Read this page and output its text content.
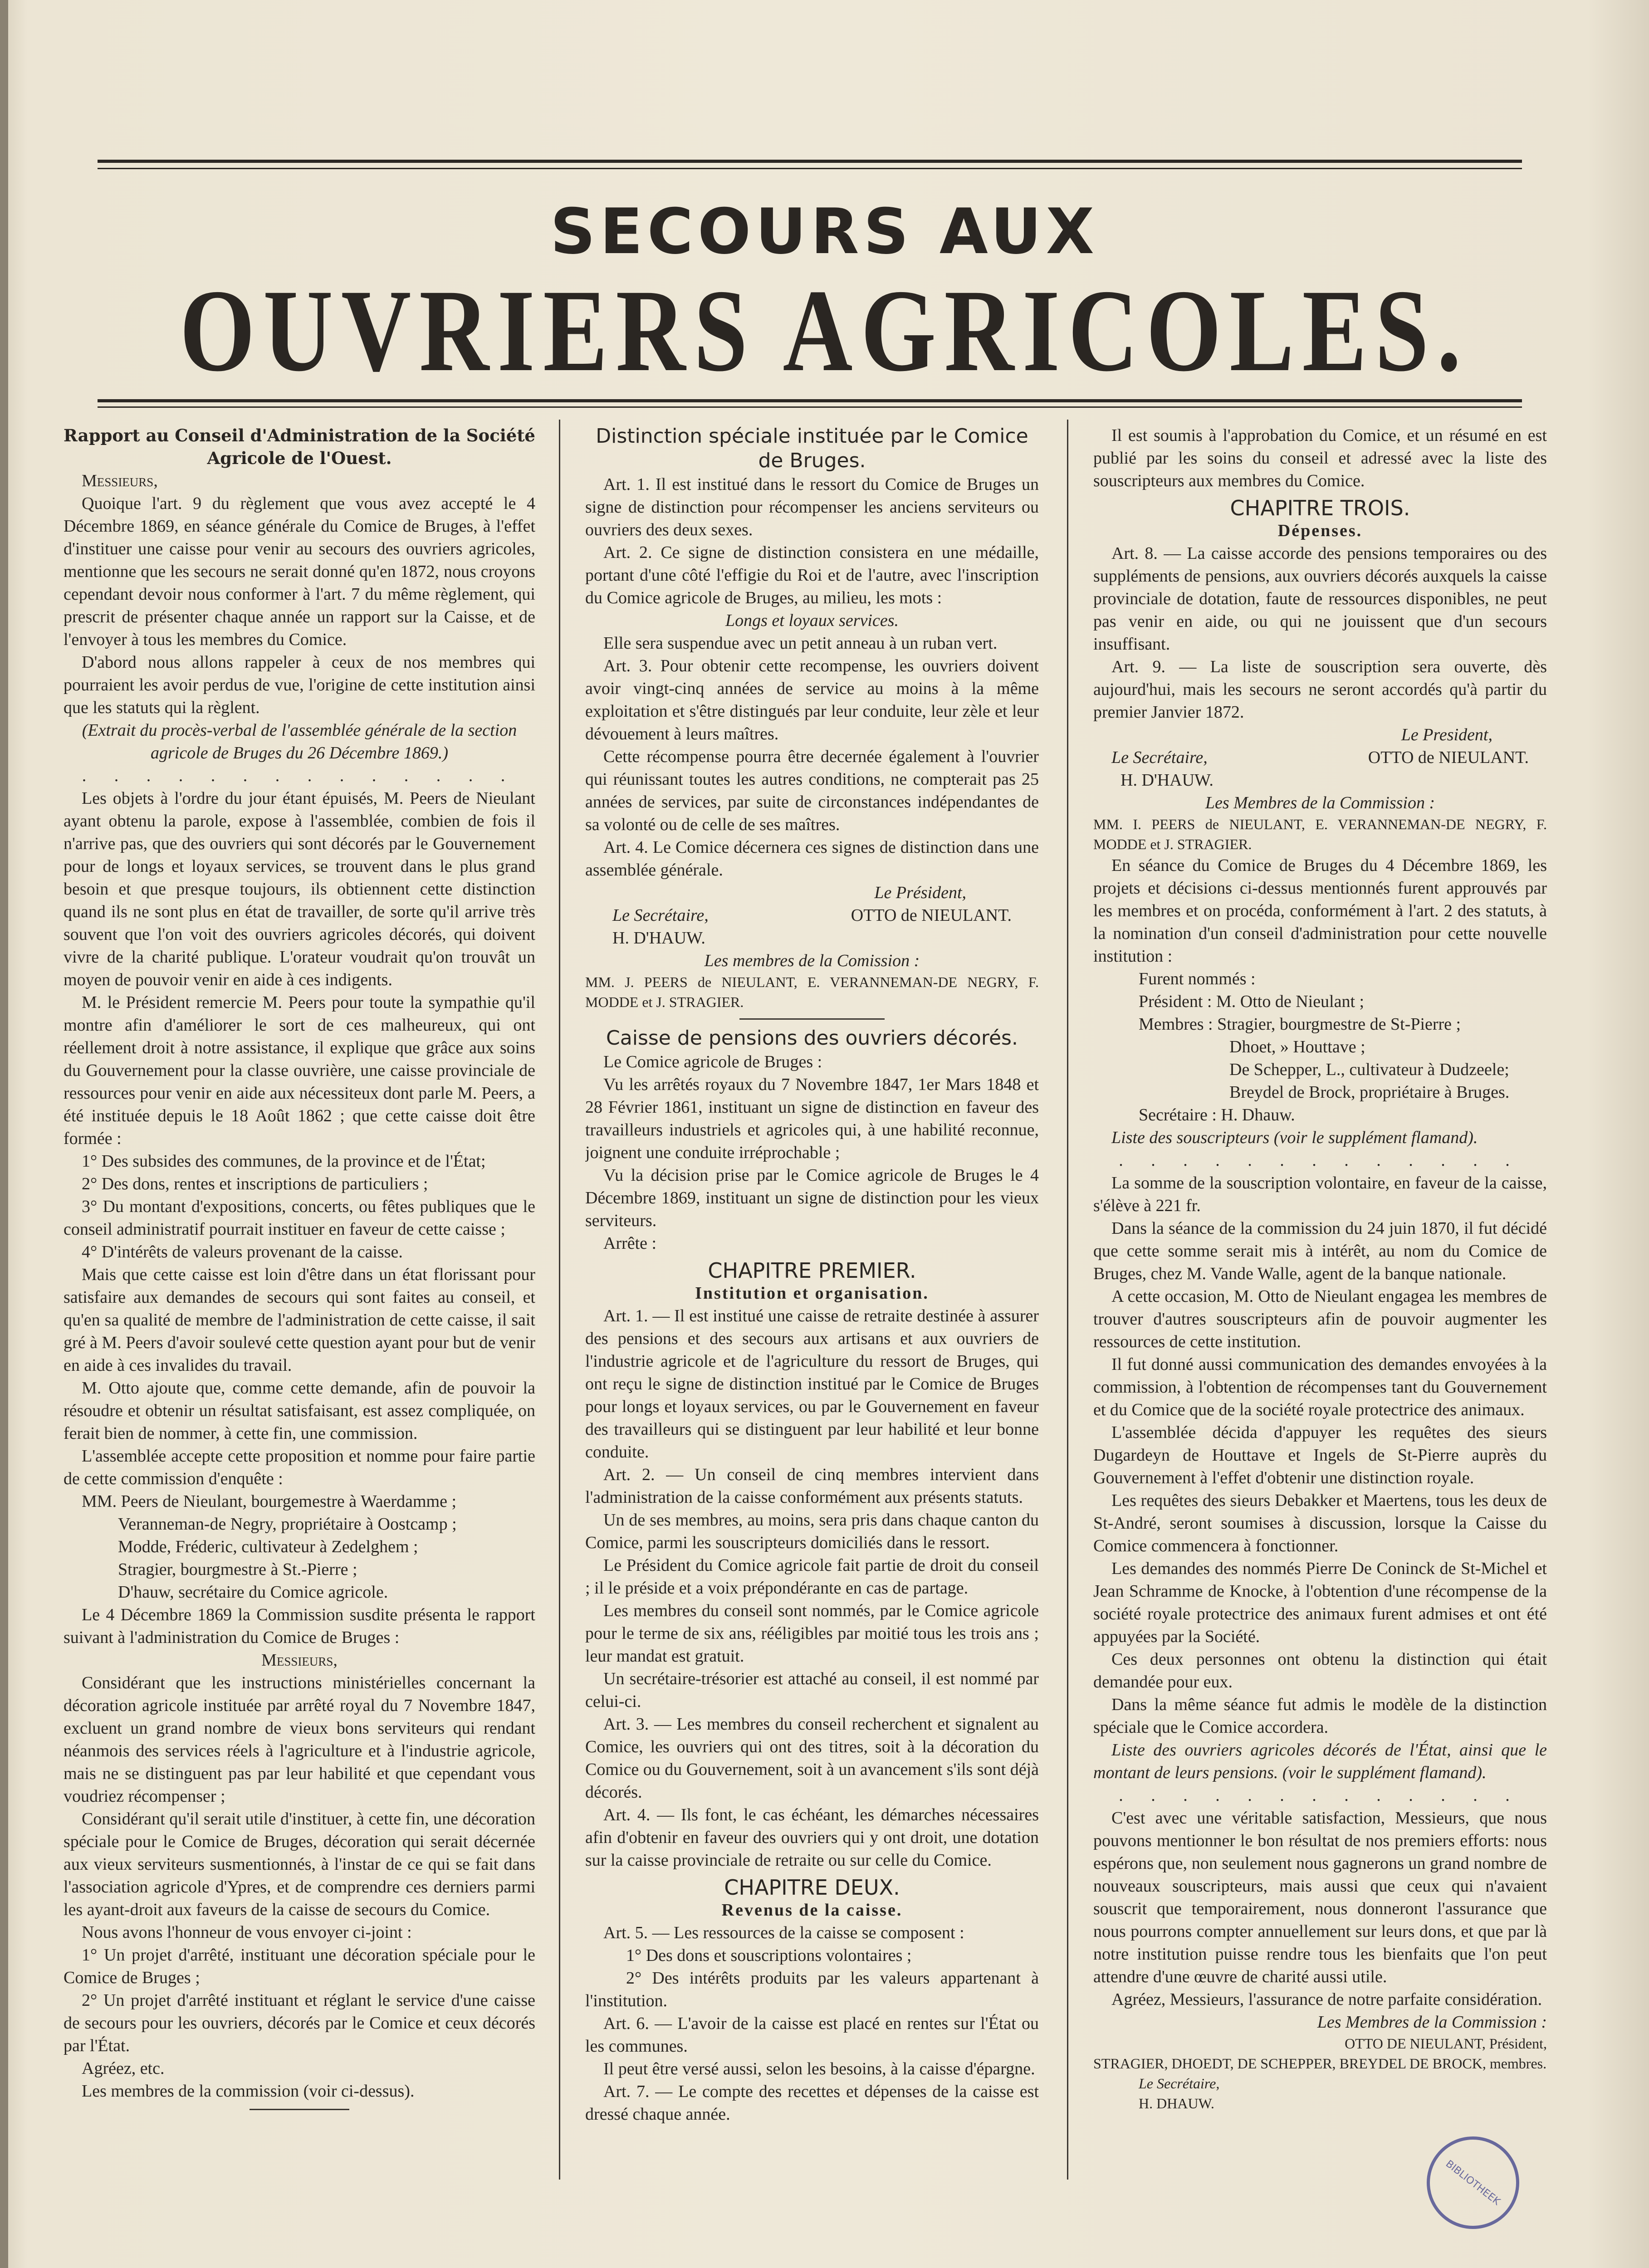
SECOURS AUX
OUVRIERS AGRICOLES.

Rapport au Conseil d'Administration de la Société Agricole de l'Ouest.

Messieurs,

Quoique l'art. 9 du règlement que vous avez accepté le 4 Décembre 1869, en séance générale du Comice de Bruges, à l'effet d'instituer une caisse pour venir au secours des ouvriers agricoles, mentionne que les secours ne serait donné qu'en 1872, nous croyons cependant devoir nous conformer à l'art. 7 du même règlement, qui prescrit de présenter chaque année un rapport sur la Caisse, et de l'envoyer à tous les membres du Comice.

D'abord nous allons rappeler à ceux de nos membres qui pourraient les avoir perdus de vue, l'origine de cette institution ainsi que les statuts qui la règlent.

(Extrait du procès-verbal de l'assemblée générale de la section agricole de Bruges du 26 Décembre 1869.)

. . . . . . . . . . . . . .

Les objets à l'ordre du jour étant épuisés, M. Peers de Nieulant ayant obtenu la parole, expose à l'assemblée, combien de fois il n'arrive pas, que des ouvriers qui sont décorés par le Gouvernement pour de longs et loyaux services, se trouvent dans le plus grand besoin et que presque toujours, ils obtiennent cette distinction quand ils ne sont plus en état de travailler, de sorte qu'il arrive très souvent que l'on voit des ouvriers agricoles décorés, qui doivent vivre de la charité publique. L'orateur voudrait qu'on trouvât un moyen de pouvoir venir en aide à ces indigents.

M. le Président remercie M. Peers pour toute la sympathie qu'il montre afin d'améliorer le sort de ces malheureux, qui ont réellement droit à notre assistance, il explique que grâce aux soins du Gouvernement pour la classe ouvrière, une caisse provinciale de ressources pour venir en aide aux nécessiteux dont parle M. Peers, a été instituée depuis le 18 Août 1862 ; que cette caisse doit être formée :

1° Des subsides des communes, de la province et de l'État;

2° Des dons, rentes et inscriptions de particuliers ;

3° Du montant d'expositions, concerts, ou fêtes publiques que le conseil administratif pourrait instituer en faveur de cette caisse ;

4° D'intérêts de valeurs provenant de la caisse.

Mais que cette caisse est loin d'être dans un état florissant pour satisfaire aux demandes de secours qui sont faites au conseil, et qu'en sa qualité de membre de l'administration de cette caisse, il sait gré à M. Peers d'avoir soulevé cette question ayant pour but de venir en aide à ces invalides du travail.

M. Otto ajoute que, comme cette demande, afin de pouvoir la résoudre et obtenir un résultat satisfaisant, est assez compliquée, on ferait bien de nommer, à cette fin, une commission.

L'assemblée accepte cette proposition et nomme pour faire partie de cette commission d'enquête :

MM. Peers de Nieulant, bourgemestre à Waerdamme ;

Veranneman-de Negry, propriétaire à Oostcamp ;

Modde, Fréderic, cultivateur à Zedelghem ;

Stragier, bourgmestre à St.-Pierre ;

D'hauw, secrétaire du Comice agricole.

Le 4 Décembre 1869 la Commission susdite présenta le rapport suivant à l'administration du Comice de Bruges :

Messieurs,

Considérant que les instructions ministérielles concernant la décoration agricole instituée par arrêté royal du 7 Novembre 1847, excluent un grand nombre de vieux bons serviteurs qui rendant néanmois des services réels à l'agriculture et à l'industrie agricole, mais ne se distinguent pas par leur habilité et que cependant vous voudriez récompenser ;

Considérant qu'il serait utile d'instituer, à cette fin, une décoration spéciale pour le Comice de Bruges, décoration qui serait décernée aux vieux serviteurs susmentionnés, à l'instar de ce qui se fait dans l'association agricole d'Ypres, et de comprendre ces derniers parmi les ayant-droit aux faveurs de la caisse de secours du Comice.

Nous avons l'honneur de vous envoyer ci-joint :

1° Un projet d'arrêté, instituant une décoration spéciale pour le Comice de Bruges ;

2° Un projet d'arrêté instituant et réglant le service d'une caisse de secours pour les ouvriers, décorés par le Comice et ceux décorés par l'État.

Agréez, etc.

Les membres de la commission (voir ci-dessus).

Distinction spéciale instituée par le Comice de Bruges.

Art. 1. Il est institué dans le ressort du Comice de Bruges un signe de distinction pour récompenser les anciens serviteurs ou ouvriers des deux sexes.

Art. 2. Ce signe de distinction consistera en une médaille, portant d'une côté l'effigie du Roi et de l'autre, avec l'inscription du Comice agricole de Bruges, au milieu, les mots :

Longs et loyaux services.

Elle sera suspendue avec un petit anneau à un ruban vert.

Art. 3. Pour obtenir cette recompense, les ouvriers doivent avoir vingt-cinq années de service au moins à la même exploitation et s'être distingués par leur conduite, leur zèle et leur dévouement à leurs maîtres.

Cette récompense pourra être decernée également à l'ouvrier qui réunissant toutes les autres conditions, ne compterait pas 25 années de services, par suite de circonstances indépendantes de sa volonté ou de celle de ses maîtres.

Art. 4. Le Comice décernera ces signes de distinction dans une assemblée générale.

Le Président,

Le Secrétaire,	OTTO de NIEULANT.

H. D'HAUW.

Les membres de la Comission :

MM. J. PEERS de NIEULANT, E. VERANNEMAN-DE NEGRY, F. MODDE et J. STRAGIER.

Caisse de pensions des ouvriers décorés.

Le Comice agricole de Bruges :

Vu les arrêtés royaux du 7 Novembre 1847, 1er Mars 1848 et 28 Février 1861, instituant un signe de distinction en faveur des travailleurs industriels et agricoles qui, à une habilité reconnue, joignent une conduite irréprochable ;

Vu la décision prise par le Comice agricole de Bruges le 4 Décembre 1869, instituant un signe de distinction pour les vieux serviteurs.

Arrête :

CHAPITRE PREMIER.

Institution et organisation.

Art. 1. — Il est institué une caisse de retraite destinée à assurer des pensions et des secours aux artisans et aux ouvriers de l'industrie agricole et de l'agriculture du ressort de Bruges, qui ont reçu le signe de distinction institué par le Comice de Bruges pour longs et loyaux services, ou par le Gouvernement en faveur des travailleurs qui se distinguent par leur habilité et leur bonne conduite.

Art. 2. — Un conseil de cinq membres intervient dans l'administration de la caisse conformément aux présents statuts.

Un de ses membres, au moins, sera pris dans chaque canton du Comice, parmi les souscripteurs domiciliés dans le ressort.

Le Président du Comice agricole fait partie de droit du conseil ; il le préside et a voix prépondérante en cas de partage.

Les membres du conseil sont nommés, par le Comice agricole pour le terme de six ans, rééligibles par moitié tous les trois ans ; leur mandat est gratuit.

Un secrétaire-trésorier est attaché au conseil, il est nommé par celui-ci.

Art. 3. — Les membres du conseil recherchent et signalent au Comice, les ouvriers qui ont des titres, soit à la décoration du Comice ou du Gouvernement, soit à un avancement s'ils sont déjà décorés.

Art. 4. — Ils font, le cas échéant, les démarches nécessaires afin d'obtenir en faveur des ouvriers qui y ont droit, une dotation sur la caisse provinciale de retraite ou sur celle du Comice.

CHAPITRE DEUX.

Revenus de la caisse.

Art. 5. — Les ressources de la caisse se composent :

1° Des dons et souscriptions volontaires ;

2° Des intérêts produits par les valeurs appartenant à l'institution.

Art. 6. — L'avoir de la caisse est placé en rentes sur l'État ou les communes.

Il peut être versé aussi, selon les besoins, à la caisse d'épargne.

Art. 7. — Le compte des recettes et dépenses de la caisse est dressé chaque année.

Il est soumis à l'approbation du Comice, et un résumé en est publié par les soins du conseil et adressé avec la liste des souscripteurs aux membres du Comice.

CHAPITRE TROIS.

Dépenses.

Art. 8. — La caisse accorde des pensions temporaires ou des suppléments de pensions, aux ouvriers décorés auxquels la caisse provinciale de dotation, faute de ressources disponibles, ne peut pas venir en aide, ou qui ne jouissent que d'un secours insuffisant.

Art. 9. — La liste de souscription sera ouverte, dès aujourd'hui, mais les secours ne seront accordés qu'à partir du premier Janvier 1872.

Le President,

Le Secrétaire,	OTTO de NIEULANT.

H. D'HAUW.

Les Membres de la Commission :

MM. I. PEERS de NIEULANT, E. VERANNEMAN-DE NEGRY, F. MODDE et J. STRAGIER.

En séance du Comice de Bruges du 4 Décembre 1869, les projets et décisions ci-dessus mentionnés furent approuvés par les membres et on procéda, conformément à l'art. 2 des statuts, à la nomination d'un conseil d'administration pour cette nouvelle institution :

Furent nommés :

Président : M. Otto de Nieulant ;

Membres : Stragier, bourgmestre de St-Pierre ;

Dhoet, » Houttave ;

De Schepper, L., cultivateur à Dudzeele;

Breydel de Brock, propriétaire à Bruges.

Secrétaire : H. Dhauw.

Liste des souscripteurs (voir le supplément flamand).

. . . . . . . . . . . . .

La somme de la souscription volontaire, en faveur de la caisse, s'élève à 221 fr.

Dans la séance de la commission du 24 juin 1870, il fut décidé que cette somme serait mis à intérêt, au nom du Comice de Bruges, chez M. Vande Walle, agent de la banque nationale.

A cette occasion, M. Otto de Nieulant engagea les membres de trouver d'autres souscripteurs afin de pouvoir augmenter les ressources de cette institution.

Il fut donné aussi communication des demandes envoyées à la commission, à l'obtention de récompenses tant du Gouvernement et du Comice que de la société royale protectrice des animaux.

L'assemblée décida d'appuyer les requêtes des sieurs Dugardeyn de Houttave et Ingels de St-Pierre auprès du Gouvernement à l'effet d'obtenir une distinction royale.

Les requêtes des sieurs Debakker et Maertens, tous les deux de St-André, seront soumises à discussion, lorsque la Caisse du Comice commencera à fonctionner.

Les demandes des nommés Pierre De Coninck de St-Michel et Jean Schramme de Knocke, à l'obtention d'une récompense de la société royale protectrice des animaux furent admises et ont été appuyées par la Société.

Ces deux personnes ont obtenu la distinction qui était demandée pour eux.

Dans la même séance fut admis le modèle de la distinction spéciale que le Comice accordera.

Liste des ouvriers agricoles décorés de l'État, ainsi que le montant de leurs pensions. (voir le supplément flamand).

. . . . . . . . . . . . .

C'est avec une véritable satisfaction, Messieurs, que nous pouvons mentionner le bon résultat de nos premiers efforts: nous espérons que, non seulement nous gagnerons un grand nombre de nouveaux souscripteurs, mais aussi que ceux qui n'avaient souscrit que temporairement, nous donneront l'assurance que nous pourrons compter annuellement sur leurs dons, et que par là notre institution puisse rendre tous les bienfaits que l'on peut attendre d'une œuvre de charité aussi utile.

Agréez, Messieurs, l'assurance de notre parfaite considération.

Les Membres de la Commission :

OTTO DE NIEULANT, Président,

STRAGIER, DHOEDT, DE SCHEPPER, BREYDEL DE BROCK, membres.

Le Secrétaire,

H. DHAUW.

BIBLIOTHEEK
